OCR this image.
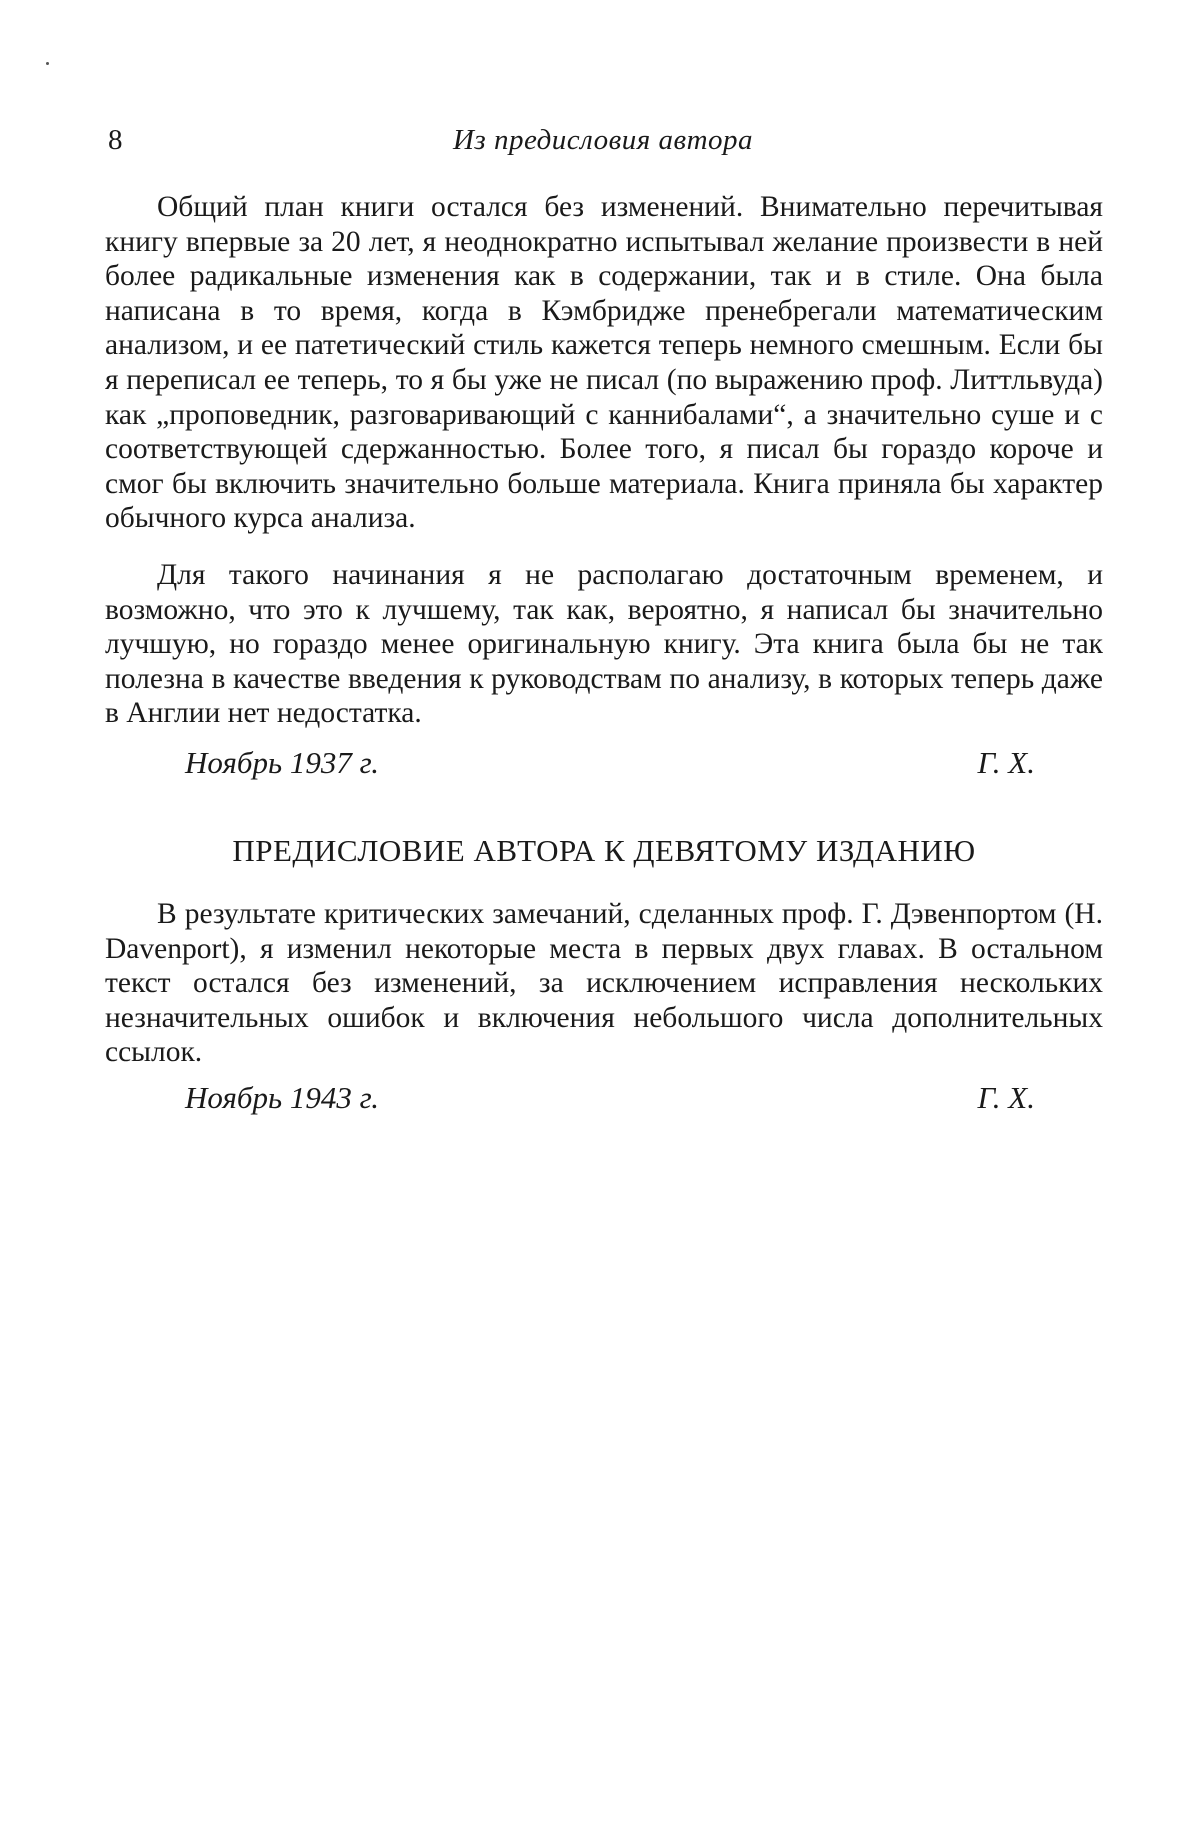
8	Из предисловия автора

Общий план книги остался без изменений. Внимательно перечитывая книгу впервые за 20 лет, я неоднократно испытывал желание произвести в ней более радикальные изменения как в содержании, так и в стиле. Она была написана в то время, когда в Кэмбридже пренебрегали математическим анализом, и ее патетический стиль кажется теперь немного смешным. Если бы я переписал ее теперь, то я бы уже не писал (по выражению проф. Литтльвуда) как „проповедник, разговаривающий с каннибалами“, а значительно суше и с соответствующей сдержанностью. Более того, я писал бы гораздо короче и смог бы включить значительно больше материала. Книга приняла бы характер обычного курса анализа.

Для такого начинания я не располагаю достаточным временем, и возможно, что это к лучшему, так как, вероятно, я написал бы значительно лучшую, но гораздо менее оригинальную книгу. Эта книга была бы не так полезна в качестве введения к руководствам по анализу, в которых теперь даже в Англии нет недостатка.

Ноябрь 1937 г.	Г. Х.
ПРЕДИСЛОВИЕ АВТОРА К ДЕВЯТОМУ ИЗДАНИЮ

В результате критических замечаний, сделанных проф. Г. Дэвенпортом (H. Davenport), я изменил некоторые места в первых двух главах. В остальном текст остался без изменений, за исключением исправления нескольких незначительных ошибок и включения небольшого числа дополнительных ссылок.

Ноябрь 1943 г.	Г. Х.
